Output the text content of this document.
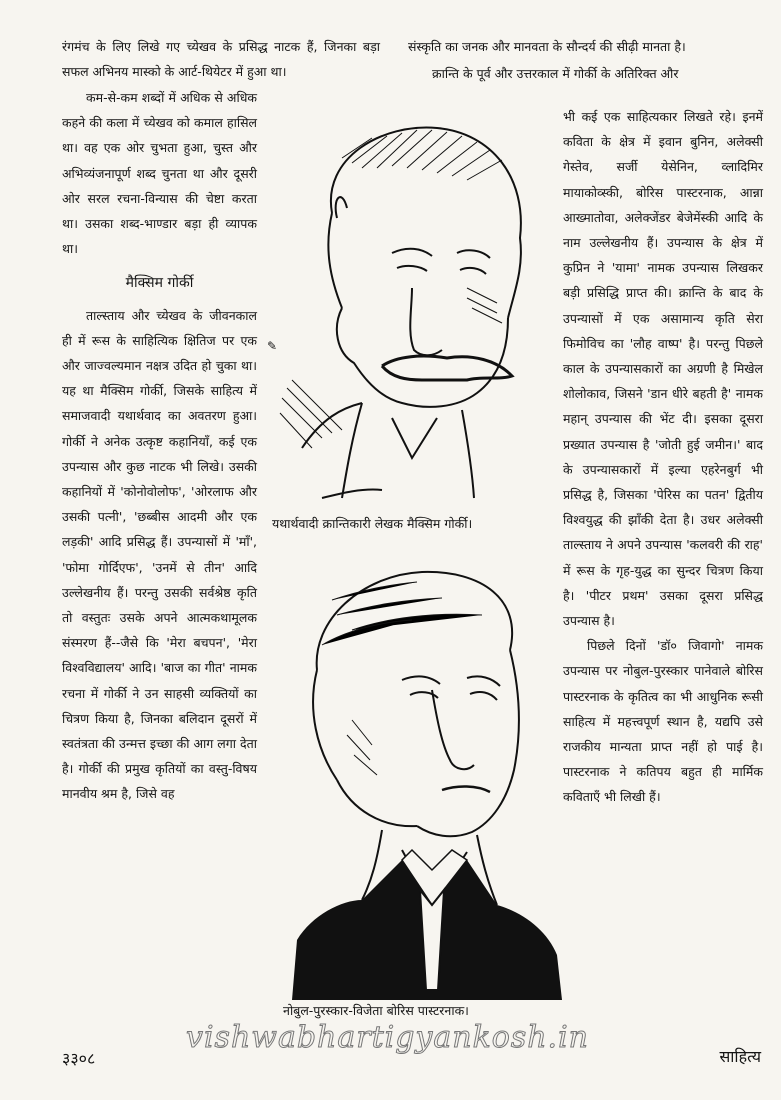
रंगमंच के लिए लिखे गए च्येखव के प्रसिद्ध नाटक हैं, जिनका बड़ा सफल अभिनय मास्को के आर्ट-थियेटर में हुआ था।

कम-से-कम शब्दों में अधिक से अधिक कहने की कला में च्येखव को कमाल हासिल था। वह एक ओर चुभता हुआ, चुस्त और अभिव्यंजनापूर्ण शब्द चुनता था और दूसरी ओर सरल रचना-विन्यास की चेष्टा करता था। उसका शब्द-भाण्डार बड़ा ही व्यापक था।

मैक्सिम गोर्की

ताल्स्ताय और च्येखव के जीवनकाल ही में रूस के साहित्यिक क्षितिज पर एक और जाज्वल्यमान नक्षत्र उदित हो चुका था। यह था मैक्सिम गोर्की, जिसके साहित्य में समाजवादी यथार्थवाद का अवतरण हुआ। गोर्की ने अनेक उत्कृष्ट कहानियाँ, कई एक उपन्यास और कुछ नाटक भी लिखे। उसकी कहानियों में 'कोनोवोलोफ', 'ओरलाफ और उसकी पत्नी', 'छब्बीस आदमी और एक लड़की' आदि प्रसिद्ध हैं। उपन्यासों में 'माँ', 'फोमा गोर्दिएफ', 'उनमें से तीन' आदि उल्लेखनीय हैं। परन्तु उसकी सर्वश्रेष्ठ कृति तो वस्तुतः उसके अपने आत्मकथामूलक संस्मरण हैं--जैसे कि 'मेरा बचपन', 'मेरा विश्वविद्यालय' आदि। 'बाज का गीत' नामक रचना में गोर्की ने उन साहसी व्यक्तियों का चित्रण किया है, जिनका बलिदान दूसरों में स्वतंत्रता की उन्मत्त इच्छा की आग लगा देता है। गोर्की की प्रमुख कृतियों का वस्तु-विषय मानवीय श्रम है, जिसे वह

संस्कृति का जनक और मानवता के सौन्दर्य की सीढ़ी मानता है।

क्रान्ति के पूर्व और उत्तरकाल में गोर्की के अतिरिक्त और

भी कई एक साहित्यकार लिखते रहे। इनमें कविता के क्षेत्र में इवान बुनिन, अलेक्सी गेस्तेव, सर्जी येसेनिन, व्लादिमिर मायाकोव्स्की, बोरिस पास्टरनाक, आन्ना आख्मातोवा, अलेक्जेंडर बेजेमेंस्की आदि के नाम उल्लेखनीय हैं। उपन्यास के क्षेत्र में कुप्रिन ने 'यामा' नामक उपन्यास लिखकर बड़ी प्रसिद्धि प्राप्त की। क्रान्ति के बाद के उपन्यासों में एक असामान्य कृति सेरा फिमोविच का 'लौह वाष्प' है। परन्तु पिछले काल के उपन्यासकारों का अग्रणी है मिखेल शोलोकाव, जिसने 'डान धीरे बहती है' नामक महान् उपन्यास की भेंट दी। इसका दूसरा प्रख्यात उपन्यास है 'जोती हुई जमीन।' बाद के उपन्यासकारों में इल्या एहरेनबुर्ग भी प्रसिद्ध है, जिसका 'पेरिस का पतन' द्वितीय विश्वयुद्ध की झाँकी देता है। उधर अलेक्सी ताल्स्ताय ने अपने उपन्यास 'कलवरी की राह' में रूस के गृह-युद्ध का सुन्दर चित्रण किया है। 'पीटर प्रथम' उसका दूसरा प्रसिद्ध उपन्यास है।

पिछले दिनों 'डॉ० जिवागो' नामक उपन्यास पर नोबुल-पुरस्कार पानेवाले बोरिस पास्टरनाक के कृतित्व का भी आधुनिक रूसी साहित्य में महत्त्वपूर्ण स्थान है, यद्यपि उसे राजकीय मान्यता प्राप्त नहीं हो पाई है। पास्टरनाक ने कतिपय बहुत ही मार्मिक कविताएँ भी लिखी हैं।

✎
यथार्थवादी क्रान्तिकारी लेखक मैक्सिम गोर्की।
नोबुल-पुरस्कार-विजेता बोरिस पास्टरनाक।
vishwabhartigyankosh.in
३३०८	साहित्य
